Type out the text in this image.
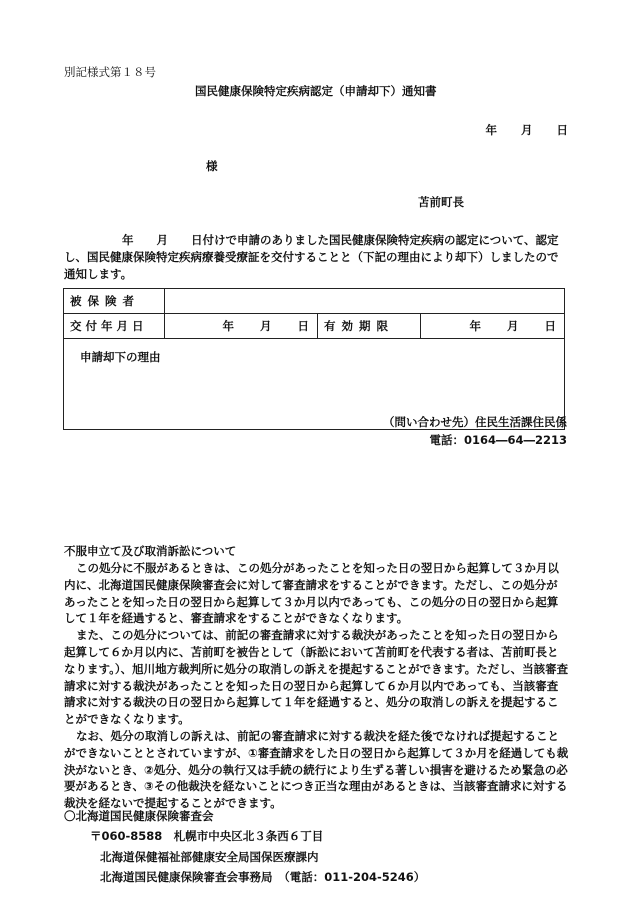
別記様式第１８号
国民健康保険特定疾病認定（申請却下）通知書
年 月 日
様
苫前町長

年　　月　　日付けで申請のありました国民健康保険特定疾病の認定について、認定

し、国民健康保険特定疾病療養受療証を交付することと（下記の理由により却下）しましたので通知します。

被保険者			
交付年月日	年 月 日	有効期限	年 月 日

申請却下の理由			
（問い合わせ先）住民生活課住民係
電話：0164―64―2213
不服申立て及び取消訴訟について

この処分に不服があるときは、この処分があったことを知った日の翌日から起算して３か月以内に、北海道国民健康保険審査会に対して審査請求をすることができます。ただし、この処分があったことを知った日の翌日から起算して３か月以内であっても、この処分の日の翌日から起算して１年を経過すると、審査請求をすることができなくなります。

また、この処分については、前記の審査請求に対する裁決があったことを知った日の翌日から起算して６か月以内に、苫前町を被告として（訴訟において苫前町を代表する者は、苫前町長となります。）、旭川地方裁判所に処分の取消しの訴えを提起することができます。ただし、当該審査請求に対する裁決があったことを知った日の翌日から起算して６か月以内であっても、当該審査請求に対する裁決の日の翌日から起算して１年を経過すると、処分の取消しの訴えを提起することができなくなります。

なお、処分の取消しの訴えは、前記の審査請求に対する裁決を経た後でなければ提起することができないこととされていますが、①審査請求をした日の翌日から起算して３か月を経過しても裁決がないとき、②処分、処分の執行又は手続の続行により生ずる著しい損害を避けるため緊急の必要があるとき、③その他裁決を経ないことにつき正当な理由があるときは、当該審査請求に対する裁決を経ないで提起することができます。

〇北海道国民健康保険審査会
〒060-8588　札幌市中央区北３条西６丁目
北海道保健福祉部健康安全局国保医療課内
北海道国民健康保険審査会事務局　（電話：011-204-5246）
